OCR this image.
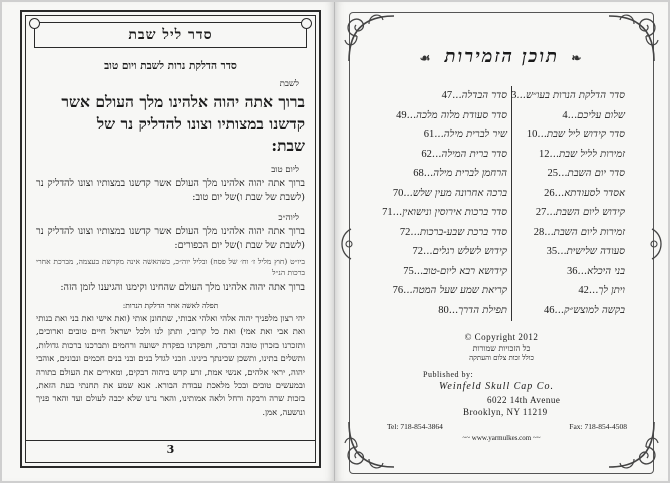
סדר ליל שבת
סדר הדלקת נרות לשבת ויום טוב
לשבת
ברוך אתה יהוה אלהינו מלך העולם אשר
קדשנו במצותיו וצונו להדליק נר של
שבת:
ליום טוב
ברוך אתה יהוה אלהינו מלך העולם אשר קדשנו במצותיו וצונו להדליק נר (לשבת של שבת ו)של יום טוב:
ליוה״כ
ברוך אתה יהוה אלהינו מלך העולם אשר קדשנו במצותיו וצונו להדליק נר (לשבת של שבת ו)של יום הכפורים:
ביו״ט (חוץ מליל ז׳ וח׳ של פסח) ובליל יוה״כ, כשהאשה אינה מקדשת בעצמה, מברכת אחרי ברכות הנ״ל
ברוך אתה יהוה אלהינו מלך העולם שהחינו וקימנו והגיענו לזמן הזה:
תפלה לאשה אחר הדלקת הנרות:
יהי רצון מלפניך יהוה אלהי ואלהי אבותי, שתחונן אותי (ואת אישי ואת בני ואת בנותי ואת אבי ואת אמי) ואת כל קרובי, ותתן לנו ולכל ישראל חיים טובים וארוכים, ותזכרנו בזכרון טובה וברכה, ותפקדנו בפקדת ישועה ורחמים ותברכנו ברכות גדולות, ותשלים בתינו, ותשכן שכינתך בינינו. וזכני לגדל בנים ובני בנים חכמים ונבונים, אוהבי יהוה, יראי אלהים, אנשי אמת, זרע קדש ביהוה דבקים, ומאירים את העולם בתורה ובמעשים טובים ובכל מלאכת עבודת הבורא. אנא שמע את תחנתי בעת הזאת, בזכות שרה ורבקה ורחל ולאה אמותינו, והאר נרנו שלא יכבה לעולם ועד והאר פניך ונושעה, אמן.
3
❧ תוכן הזמירות ☙
סדר הדלקת הנרות בעו״ש...3
שלום עליכם...4
סדר קידוש ליל שבת...10
זמירות לליל שבת...12
סדר יום השבת...25
אסדר לסעודתא...26
קידוש ליום השבת...27
זמירות ליום השבת...28
סעודה שלישית...35
בני היכלא...36
ויתן לך...42
בקשה למוצש״ק...46
סדר הבדלה...47
סדר סעודת מלוה מלכה...49
שיר לברית מילה...61
סדר ברית המילה...62
הרחמן לברית מילה...68
ברכה אחרונה מעין שלש...70
סדר ברכות אירוסין ונישואין...71
סדר ברכת שבע-ברכות...72
קידוש לשלש רגלים...72
קידושא רבא ליום-טוב...75
קריאת שמע שעל המטה...76
תפילת הדרך...80
© Copyright 2012
כל הזכויות שמורות
כולל זכות צלום והעתקה
Published by:
Weinfeld Skull Cap Co.
6022 14th Avenue
Brooklyn, NY 11219
Tel: 718-854-3864	Fax: 718-854-4508
~~ www.yarmulkes.com ~~
